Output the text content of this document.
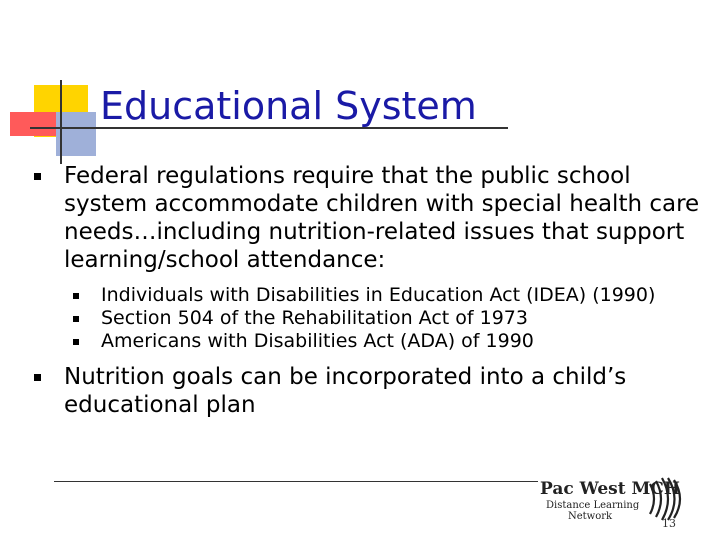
Educational System
Federal regulations require that the public school system accommodate children with special health care needs…including nutrition-related issues that support learning/school attendance:
Individuals with Disabilities in Education Act (IDEA) (1990)
Section 504 of the Rehabilitation Act of 1973
Americans with Disabilities Act (ADA) of 1990
Nutrition goals can be incorporated into a child’s educational plan
Pac West MCH
Distance Learning
Network
13
